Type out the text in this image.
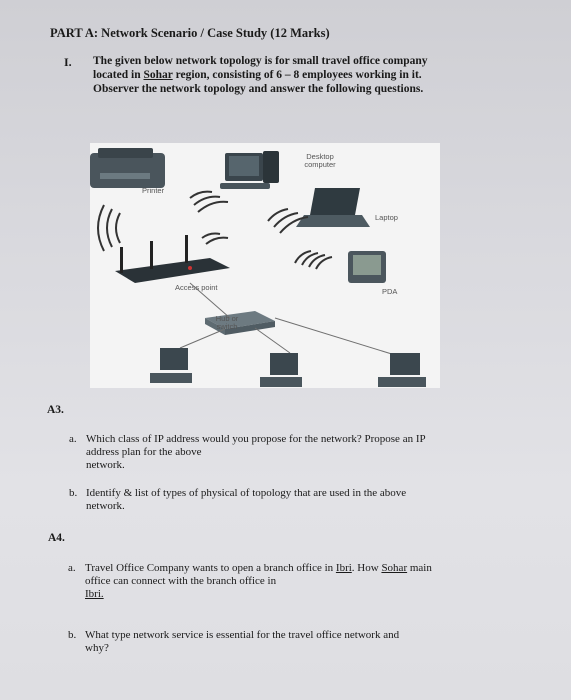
PART A: Network Scenario / Case Study (12 Marks)
I. The given below network topology is for small travel office company
located in Sohar region, consisting of 6 – 8 employees working in it.
Observer the network topology and answer the following questions.
Desktop computer
Printer
Laptop
Access point	PDA
Hub or switch
A3.
a. Which class of IP address would you propose for the network? Propose an IP
address plan for the above
network.
b. Identify & list of types of physical of topology that are used in the above
network.
A4.
a. Travel Office Company wants to open a branch office in Ibri. How Sohar main
office can connect with the branch office in
Ibri.
b. What type network service is essential for the travel office network and
why?
